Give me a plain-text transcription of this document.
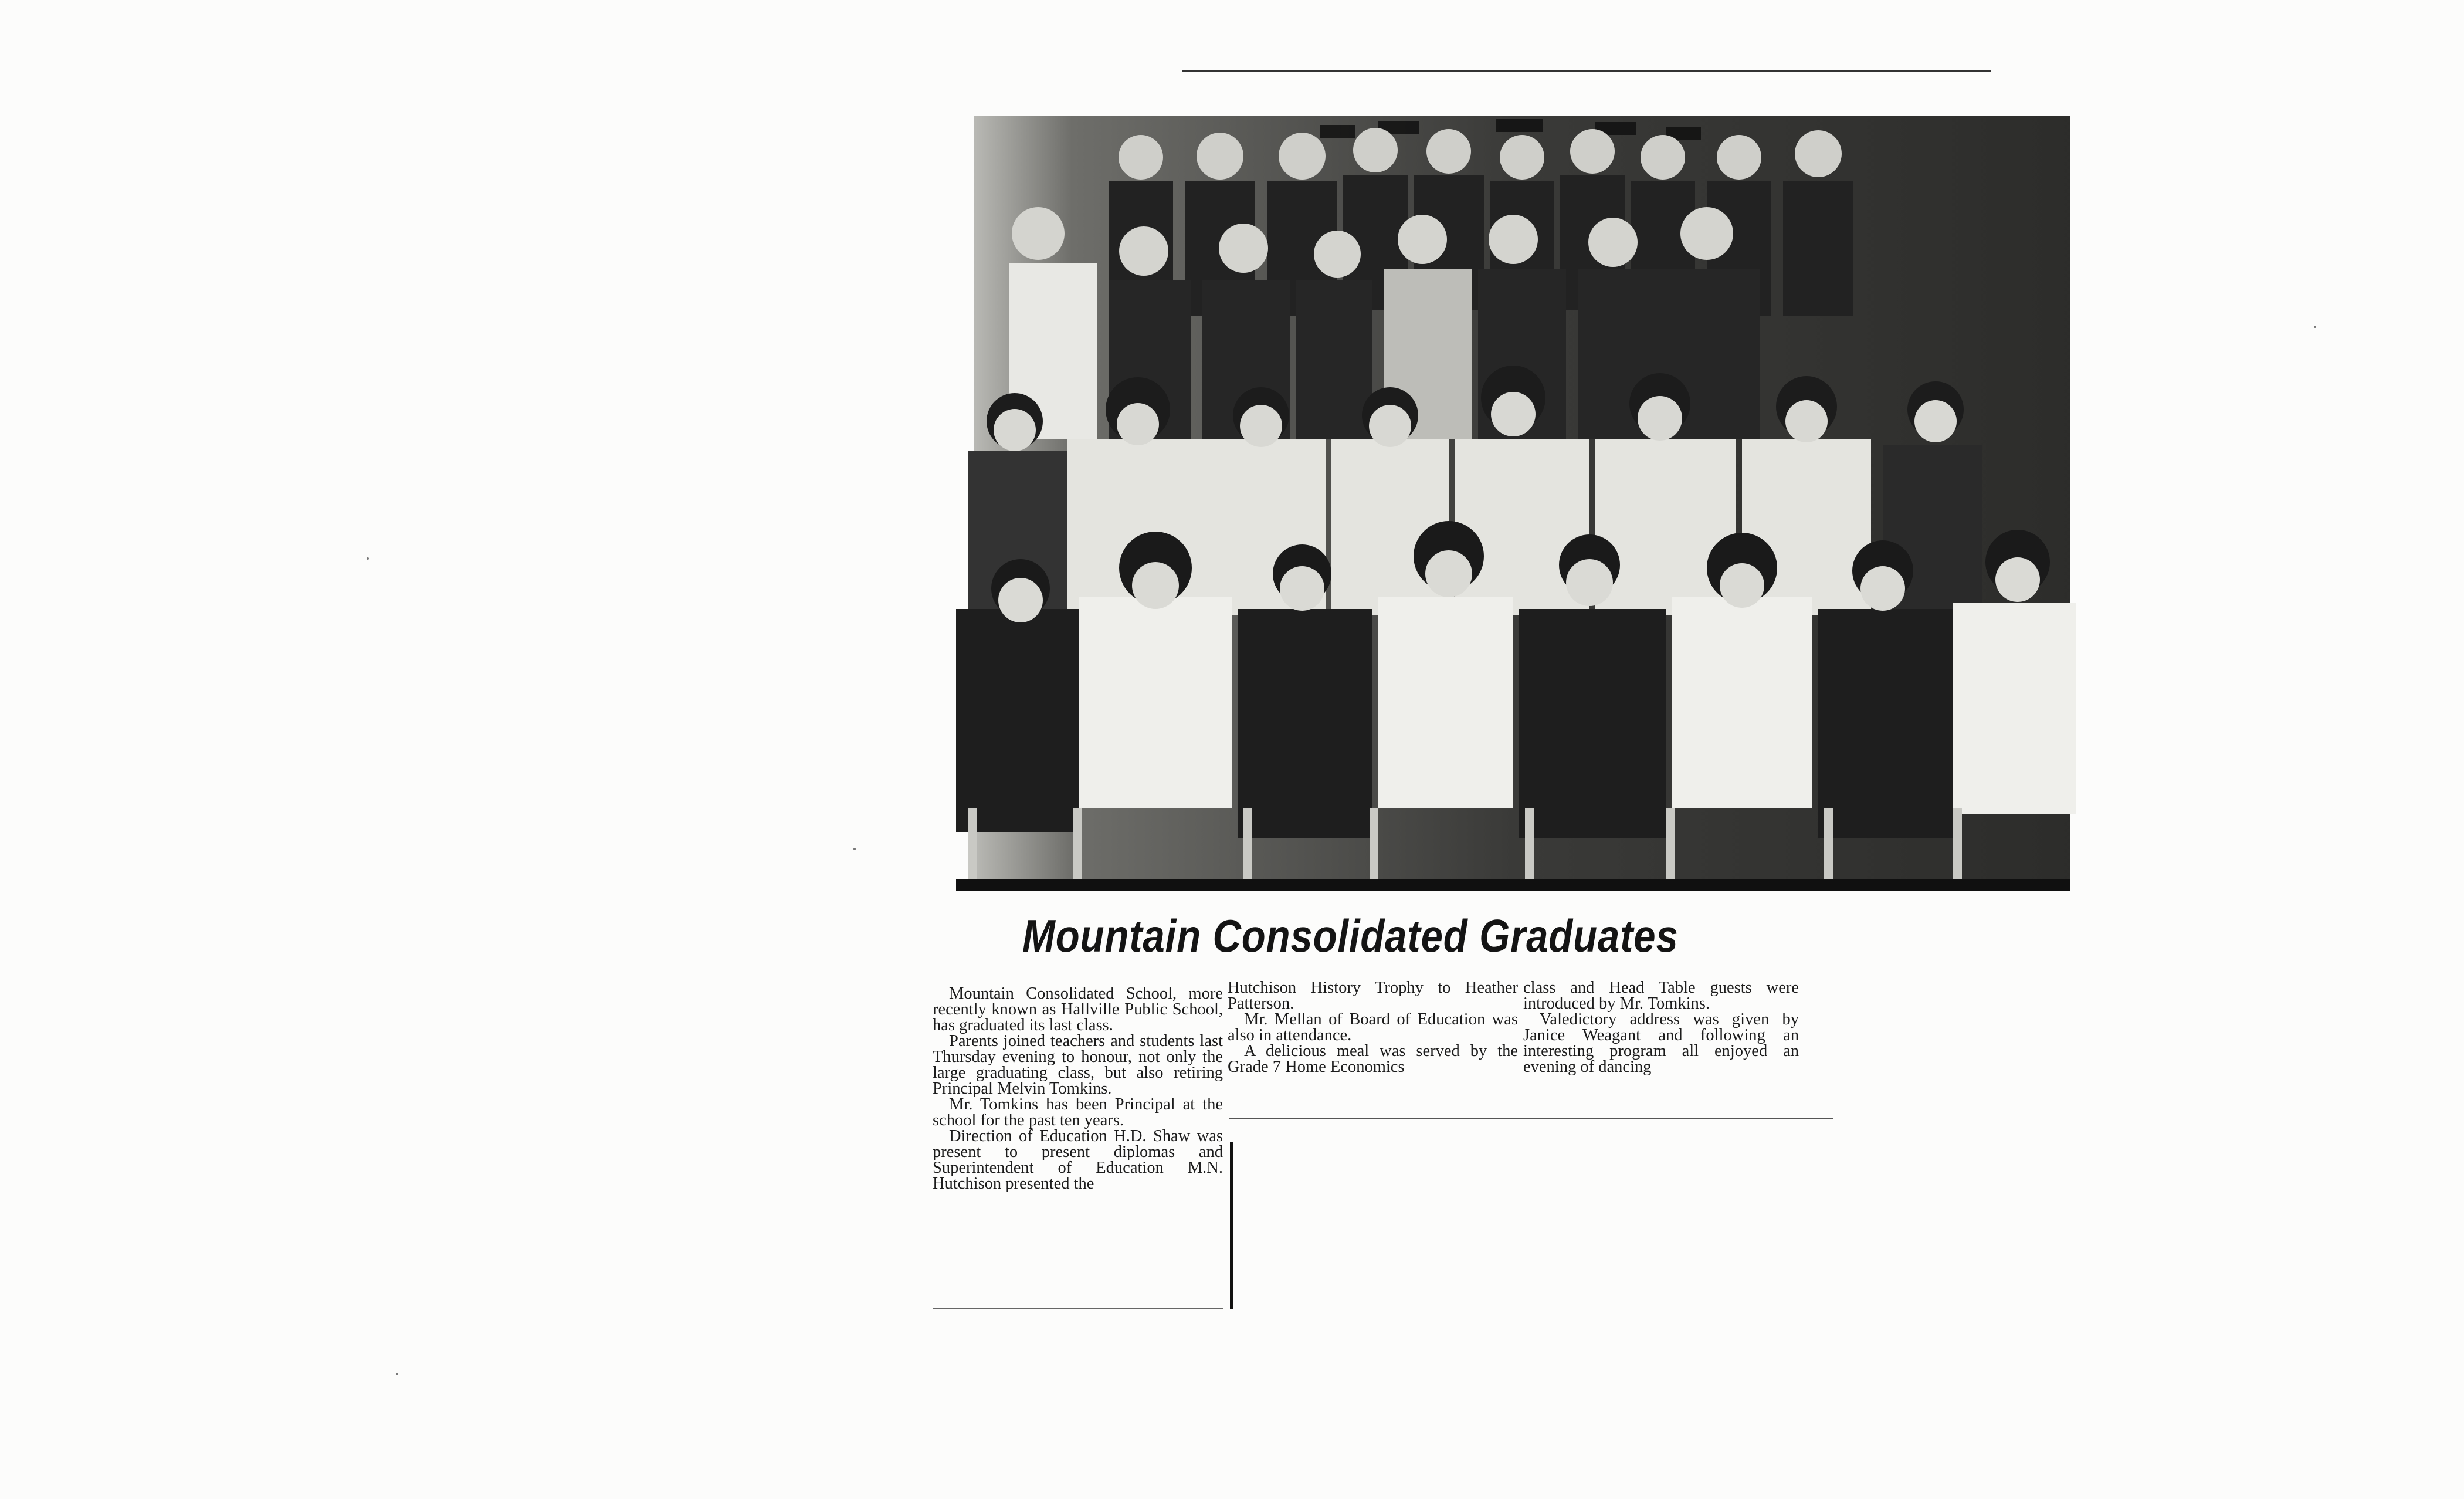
Mountain Consolidated Graduates

Mountain Consolidated School, more recently known as Hallville Public School, has graduated its last class.

Parents joined teachers and students last Thursday evening to honour, not only the large graduating class, but also retiring Principal Melvin Tomkins.

Mr. Tomkins has been Principal at the school for the past ten years.

Direction of Education H.D. Shaw was present to present diplomas and Superintendent of Education M.N. Hutchison presented the

Hutchison History Trophy to Heather Patterson.

Mr. Mellan of Board of Education was also in attendance.

A delicious meal was served by the Grade 7 Home Economics

class and Head Table guests were introduced by Mr. Tomkins.

Valedictory address was given by Janice Weagant and following an interesting program all enjoyed an evening of dancing
